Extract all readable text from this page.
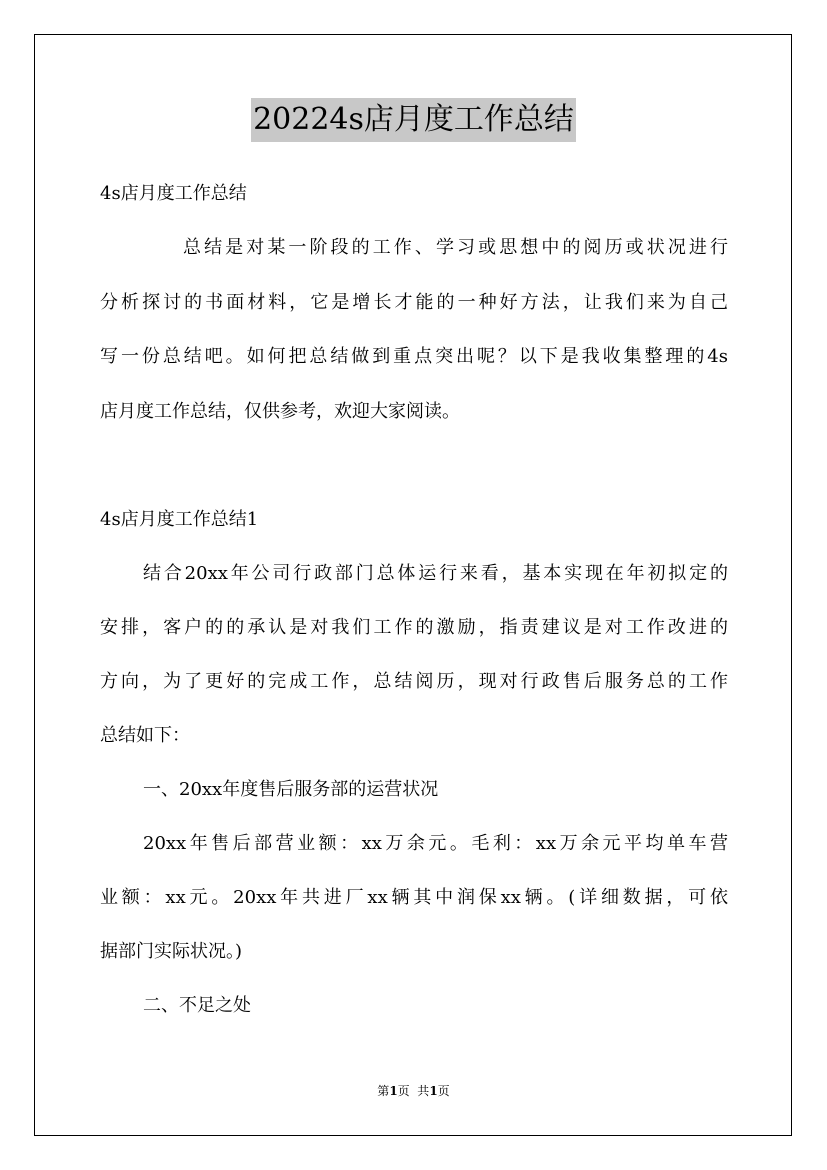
20224s店月度工作总结
4s店月度工作总结
总结是对某一阶段的工作、学习或思想中的阅历或状况进行
分析探讨的书面材料，它是增长才能的一种好方法，让我们来为自己
写一份总结吧。如何把总结做到重点突出呢？以下是我收集整理的4s
店月度工作总结，仅供参考，欢迎大家阅读。
4s店月度工作总结1
结合20xx年公司行政部门总体运行来看，基本实现在年初拟定的
安排，客户的的承认是对我们工作的激励，指责建议是对工作改进的
方向，为了更好的完成工作，总结阅历，现对行政售后服务总的工作
总结如下：
一、20xx年度售后服务部的运营状况
20xx年售后部营业额：xx万余元。毛利：xx万余元平均单车营
业额：xx元。20xx年共进厂xx辆其中润保xx辆。(详细数据，可依
据部门实际状况。)
二、不足之处
第1页  共1页
